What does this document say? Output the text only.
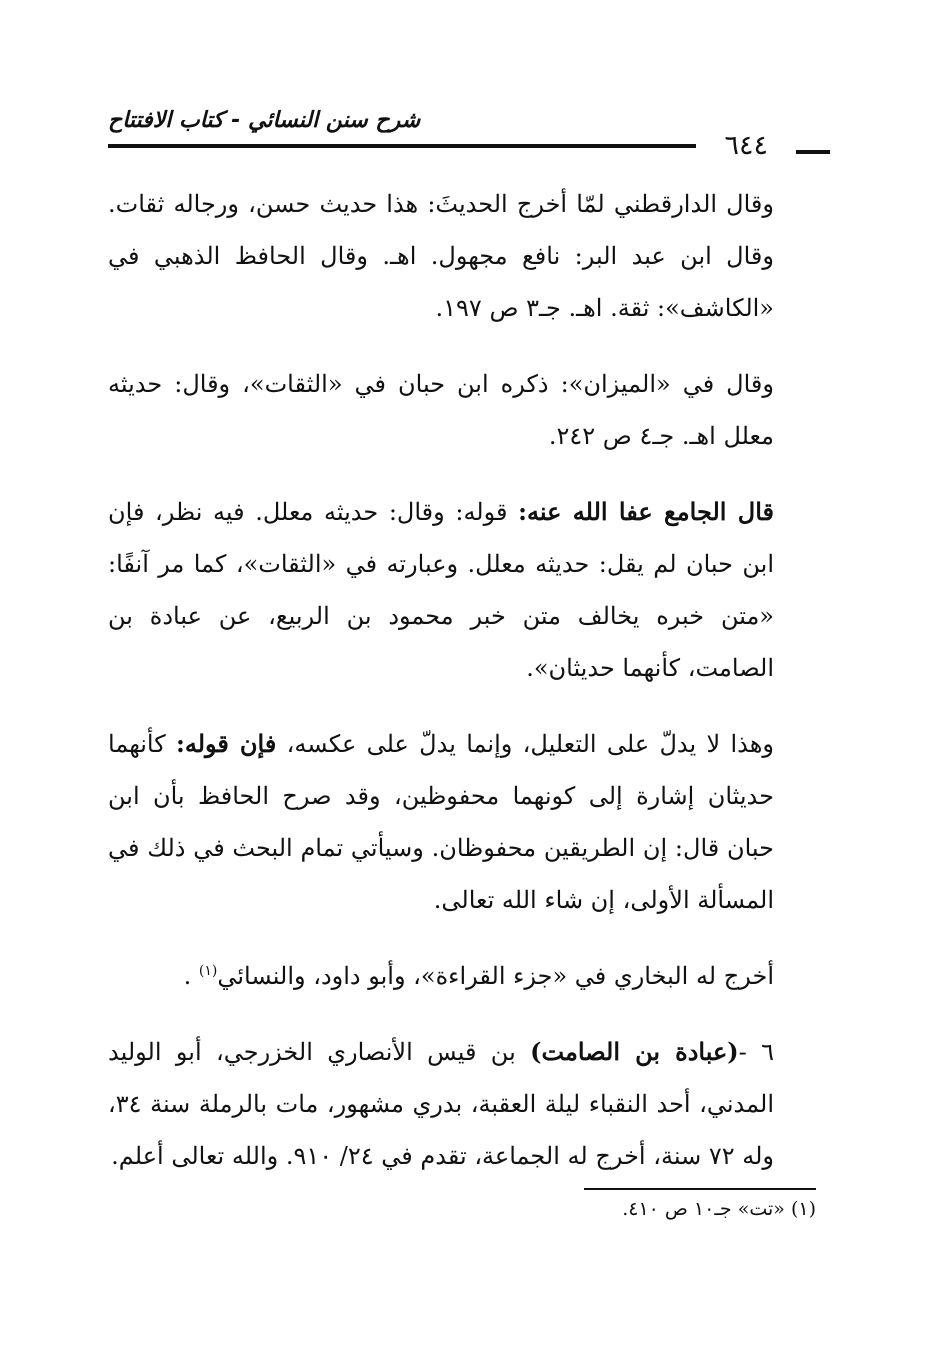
شرح سنن النسائي - كتاب الافتتاح
٦٤٤

وقال الدارقطني لمّا أخرج الحديثَ: هذا حديث حسن، ورجاله ثقات. وقال ابن عبد البر: نافع مجهول. اهـ. وقال الحافظ الذهبي في «الكاشف»: ثقة. اهـ. جـ٣ ص ١٩٧.

وقال في «الميزان»: ذكره ابن حبان في «الثقات»، وقال: حديثه معلل اهـ. جـ٤ ص ٢٤٢.

قال الجامع عفا الله عنه: قوله: وقال: حديثه معلل. فيه نظر، فإن ابن حبان لم يقل: حديثه معلل. وعبارته في «الثقات»، كما مر آنفًا: «متن خبره يخالف متن خبر محمود بن الربيع، عن عبادة بن الصامت، كأنهما حديثان».

وهذا لا يدلّ على التعليل، وإنما يدلّ على عكسه، فإن قوله: كأنهما حديثان إشارة إلى كونهما محفوظين، وقد صرح الحافظ بأن ابن حبان قال: إن الطريقين محفوظان. وسيأتي تمام البحث في ذلك في المسألة الأولى، إن شاء الله تعالى.

أخرج له البخاري في «جزء القراءة»، وأبو داود، والنسائي$^{(١)}$ .

٦ -(عبادة بن الصامت) بن قيس الأنصاري الخزرجي، أبو الوليد المدني، أحد النقباء ليلة العقبة، بدري مشهور، مات بالرملة سنة ٣٤، وله ٧٢ سنة، أخرج له الجماعة، تقدم في ٢٤/ ٩١٠. والله تعالى أعلم.

(١) «تت» جـ١٠ ص ٤١٠.
